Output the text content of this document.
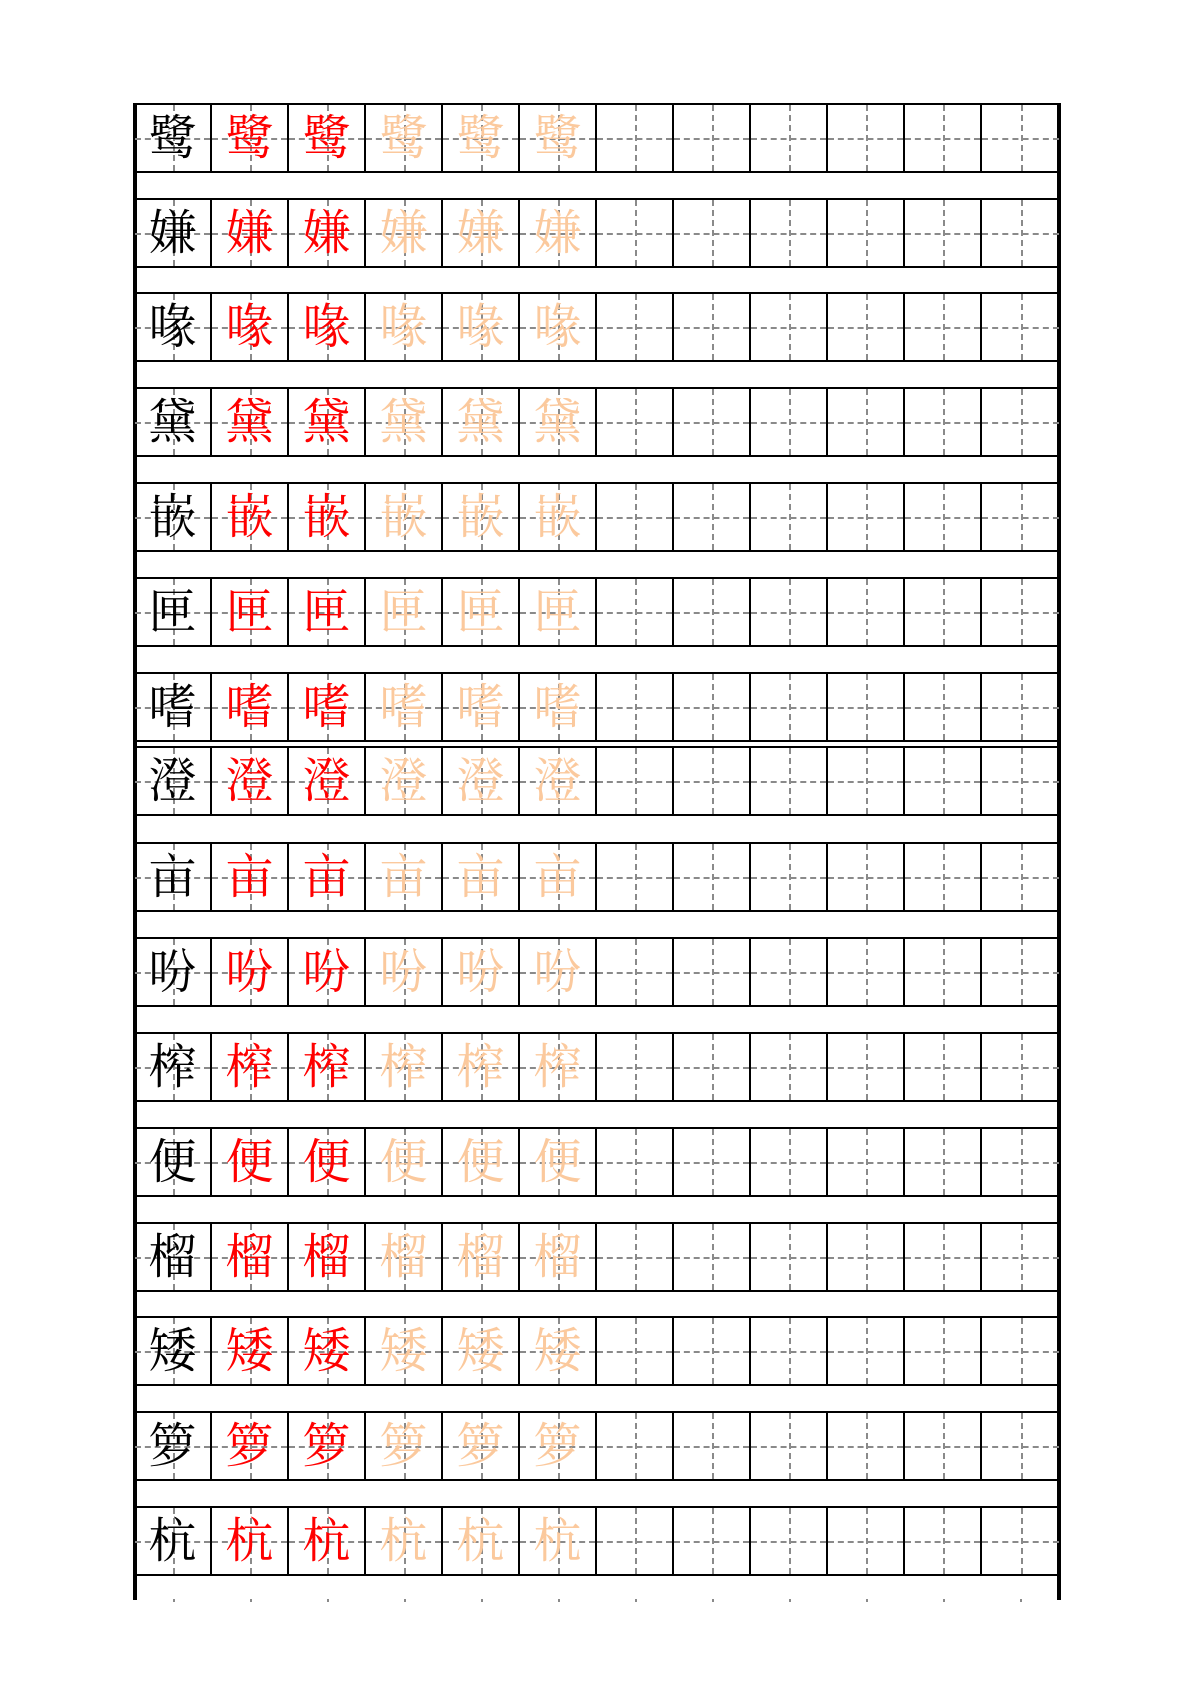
鹭 鹭 鹭 鹭 鹭 鹭
嫌 嫌 嫌 嫌 嫌 嫌
喙 喙 喙 喙 喙 喙
黛 黛 黛 黛 黛 黛
嵌 嵌 嵌 嵌 嵌 嵌
匣 匣 匣 匣 匣 匣
嗜 嗜 嗜 嗜 嗜 嗜
澄 澄 澄 澄 澄 澄
亩 亩 亩 亩 亩 亩
吩 吩 吩 吩 吩 吩
榨 榨 榨 榨 榨 榨
便 便 便 便 便 便
榴 榴 榴 榴 榴 榴
矮 矮 矮 矮 矮 矮
箩 箩 箩 箩 箩 箩
杭 杭 杭 杭 杭 杭
